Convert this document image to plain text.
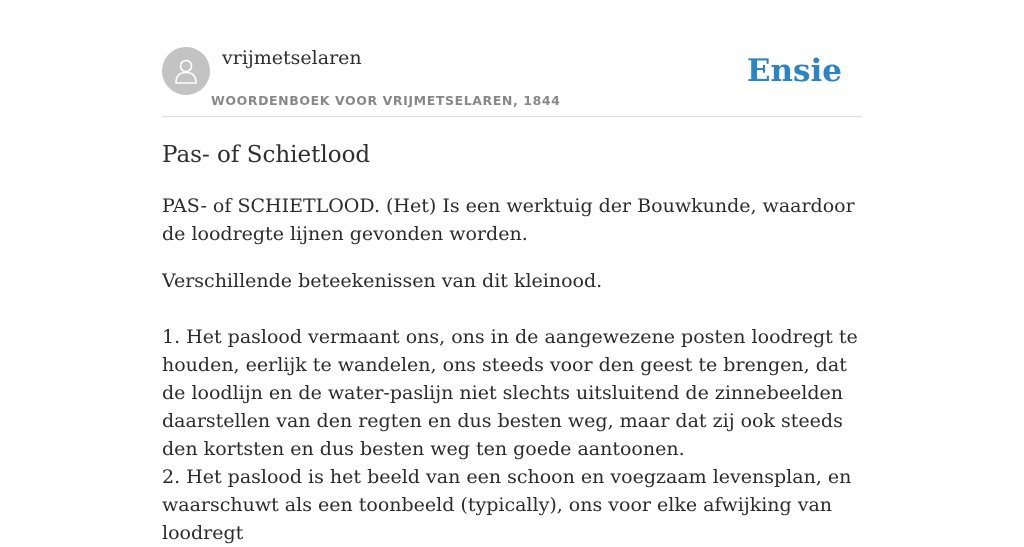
vrijmetselaren
WOORDENBOEK VOOR VRIJMETSELAREN, 1844
Ensie
Pas- of Schietlood

PAS- of SCHIETLOOD. (Het) Is een werktuig der Bouwkunde, waardoor de loodregte lijnen gevonden worden.

Verschillende beteekenissen van dit kleinood.

1. Het paslood vermaant ons, ons in de aangewezene posten loodregt te houden, eerlijk te wandelen, ons steeds voor den geest te brengen, dat de loodlijn en de water-paslijn niet slechts uitsluitend de zinnebeelden daarstellen van den regten en dus besten weg, maar dat zij ook steeds den kortsten en dus besten weg ten goede aantoonen.

2. Het paslood is het beeld van een schoon en voegzaam levensplan, en waarschuwt als een toonbeeld (typically), ons voor elke afwijking van loodregt
